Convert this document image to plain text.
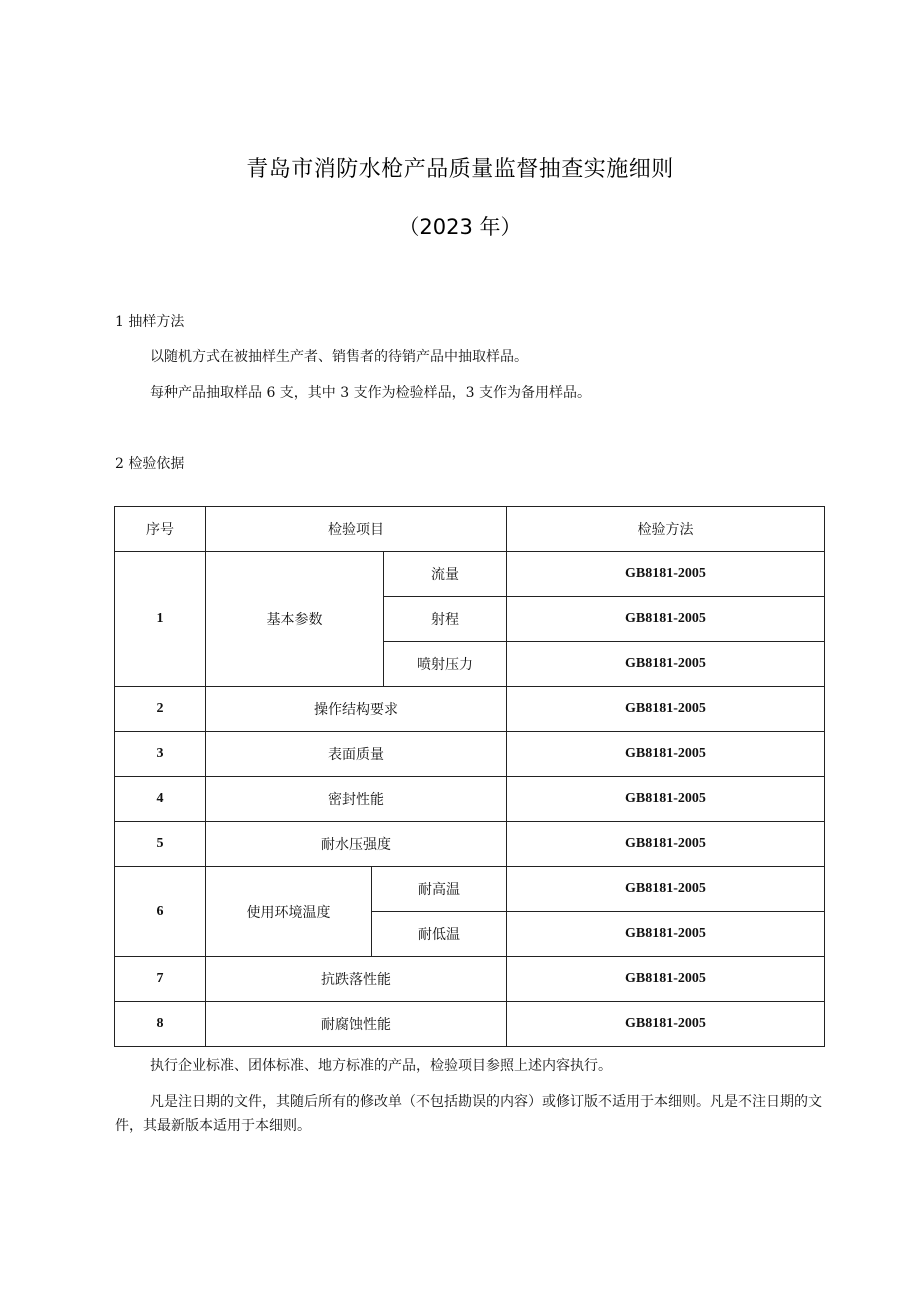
青岛市消防水枪产品质量监督抽查实施细则
（2023 年）
1 抽样方法
以随机方式在被抽样生产者、销售者的待销产品中抽取样品。
每种产品抽取样品 6 支，其中 3 支作为检验样品，3 支作为备用样品。
2 检验依据
序号	检验项目			检验方法
1	基本参数		流量	GB8181-2005
			射程	GB8181-2005
			喷射压力	GB8181-2005
2	操作结构要求			GB8181-2005
3	表面质量			GB8181-2005
4	密封性能			GB8181-2005
5	耐水压强度			GB8181-2005
6	使用环境温度	耐高温		GB8181-2005
		耐低温		GB8181-2005
7	抗跌落性能			GB8181-2005
8	耐腐蚀性能			GB8181-2005
执行企业标准、团体标准、地方标准的产品，检验项目参照上述内容执行。
凡是注日期的文件，其随后所有的修改单（不包括勘误的内容）或修订版不适用于本细则。凡是不注日期的文件，其最新版本适用于本细则。
